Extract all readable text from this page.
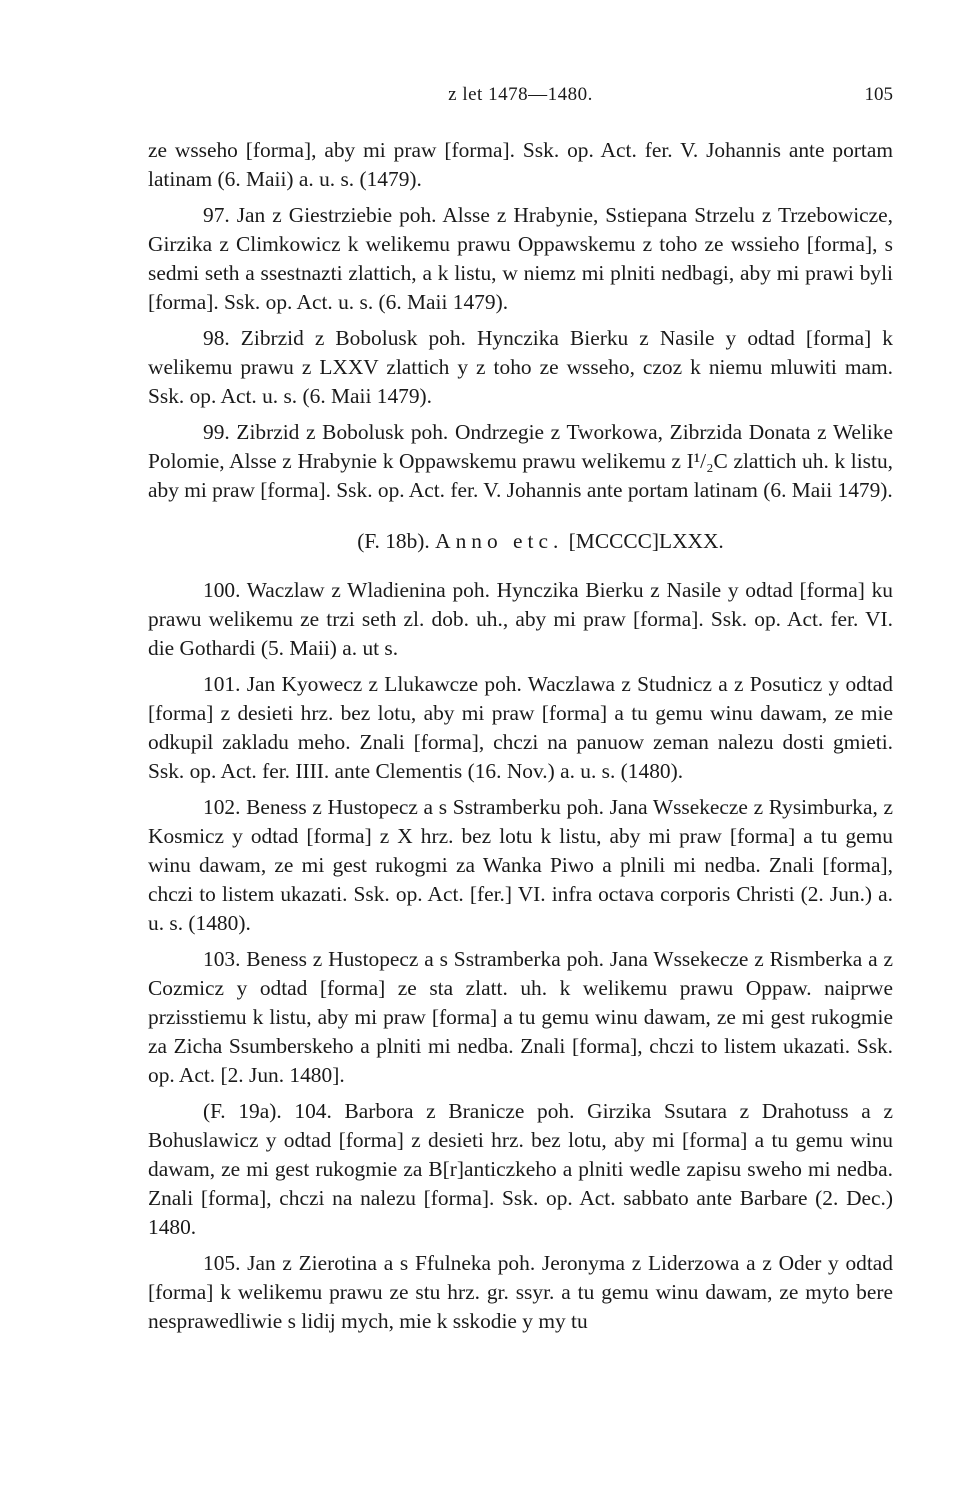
z let 1478—1480.	105

ze wsseho [forma], aby mi praw [forma]. Ssk. op. Act. fer. V. Johannis ante portam latinam (6. Maii) a. u. s. (1479).

97. Jan z Giestrziebie poh. Alsse z Hrabynie, Sstiepana Strzelu z Trzebowicze, Girzika z Climkowicz k welikemu prawu Oppawskemu z toho ze wssieho [forma], s sedmi seth a ssestnazti zlattich, a k listu, w niemz mi plniti nedbagi, aby mi prawi byli [forma]. Ssk. op. Act. u. s. (6. Maii 1479).

98. Zibrzid z Bobolusk poh. Hynczika Bierku z Nasile y odtad [forma] k welikemu prawu z LXXV zlattich y z toho ze wsseho, czoz k niemu mluwiti mam. Ssk. op. Act. u. s. (6. Maii 1479).

99. Zibrzid z Bobolusk poh. Ondrzegie z Tworkowa, Zibrzida Donata z Welike Polomie, Alsse z Hrabynie k Oppawskemu prawu welikemu z I¹/₂C zlattich uh. k listu, aby mi praw [forma]. Ssk. op. Act. fer. V. Johannis ante portam latinam (6. Maii 1479).

(F. 18b). Anno etc. [MCCCC]LXXX.

100. Waczlaw z Wladienina poh. Hynczika Bierku z Nasile y odtad [forma] ku prawu welikemu ze trzi seth zl. dob. uh., aby mi praw [forma]. Ssk. op. Act. fer. VI. die Gothardi (5. Maii) a. ut s.

101. Jan Kyowecz z Llukawcze poh. Waczlawa z Studnicz a z Posuticz y odtad [forma] z desieti hrz. bez lotu, aby mi praw [forma] a tu gemu winu dawam, ze mie odkupil zakladu meho. Znali [forma], chczi na panuow zeman nalezu dosti gmieti. Ssk. op. Act. fer. IIII. ante Clementis (16. Nov.) a. u. s. (1480).

102. Beness z Hustopecz a s Sstramberku poh. Jana Wssekecze z Rysimburka, z Kosmicz y odtad [forma] z X hrz. bez lotu k listu, aby mi praw [forma] a tu gemu winu dawam, ze mi gest rukogmi za Wanka Piwo a plnili mi nedba. Znali [forma], chczi to listem ukazati. Ssk. op. Act. [fer.] VI. infra octava corporis Christi (2. Jun.) a. u. s. (1480).

103. Beness z Hustopecz a s Sstramberka poh. Jana Wssekecze z Rismberka a z Cozmicz y odtad [forma] ze sta zlatt. uh. k welikemu prawu Oppaw. naiprwe przisstiemu k listu, aby mi praw [forma] a tu gemu winu dawam, ze mi gest rukogmie za Zicha Ssumberskeho a plniti mi nedba. Znali [forma], chczi to listem ukazati. Ssk. op. Act. [2. Jun. 1480].

(F. 19a). 104. Barbora z Branicze poh. Girzika Ssutara z Drahotuss a z Bohuslawicz y odtad [forma] z desieti hrz. bez lotu, aby mi [forma] a tu gemu winu dawam, ze mi gest rukogmie za B[r]anticzkeho a plniti wedle zapisu sweho mi nedba. Znali [forma], chczi na nalezu [forma]. Ssk. op. Act. sabbato ante Barbare (2. Dec.) 1480.

105. Jan z Zierotina a s Ffulneka poh. Jeronyma z Liderzowa a z Oder y odtad [forma] k welikemu prawu ze stu hrz. gr. ssyr. a tu gemu winu dawam, ze myto bere nesprawedliwie s lidij mych, mie k sskodie y my tu
